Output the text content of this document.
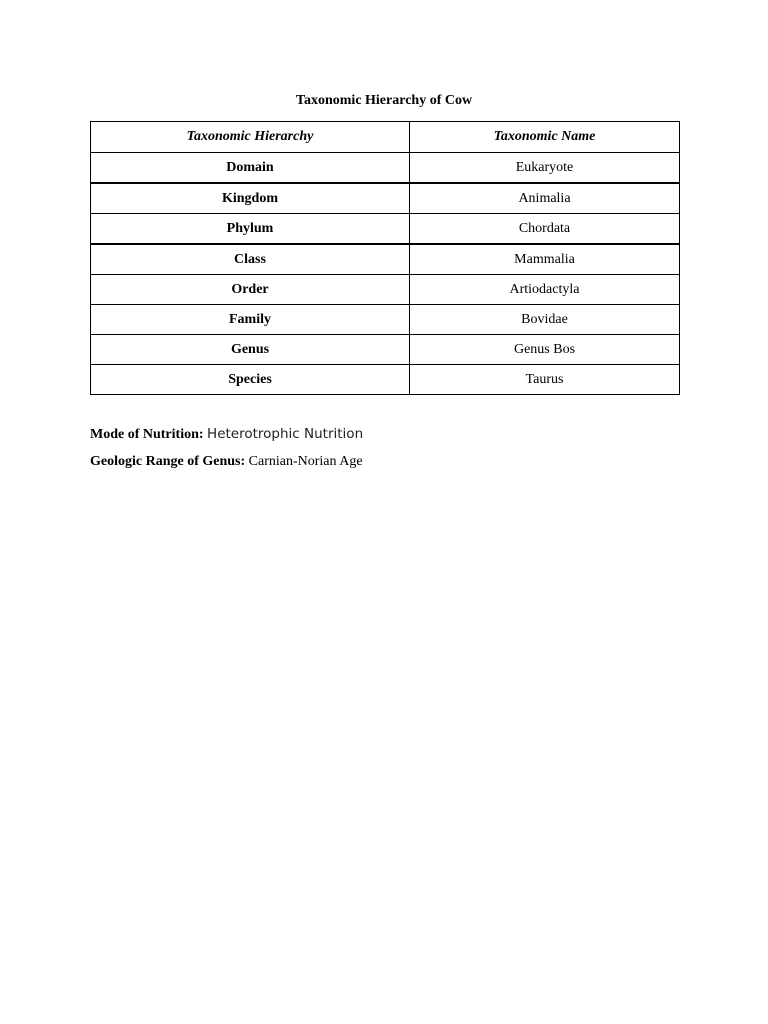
Taxonomic Hierarchy of Cow
Taxonomic Hierarchy	Taxonomic Name
Domain	Eukaryote
Kingdom	Animalia
Phylum	Chordata
Class	Mammalia
Order	Artiodactyla
Family	Bovidae
Genus	Genus Bos
Species	Taurus

Mode of Nutrition: Heterotrophic Nutrition

Geologic Range of Genus: Carnian-Norian Age
